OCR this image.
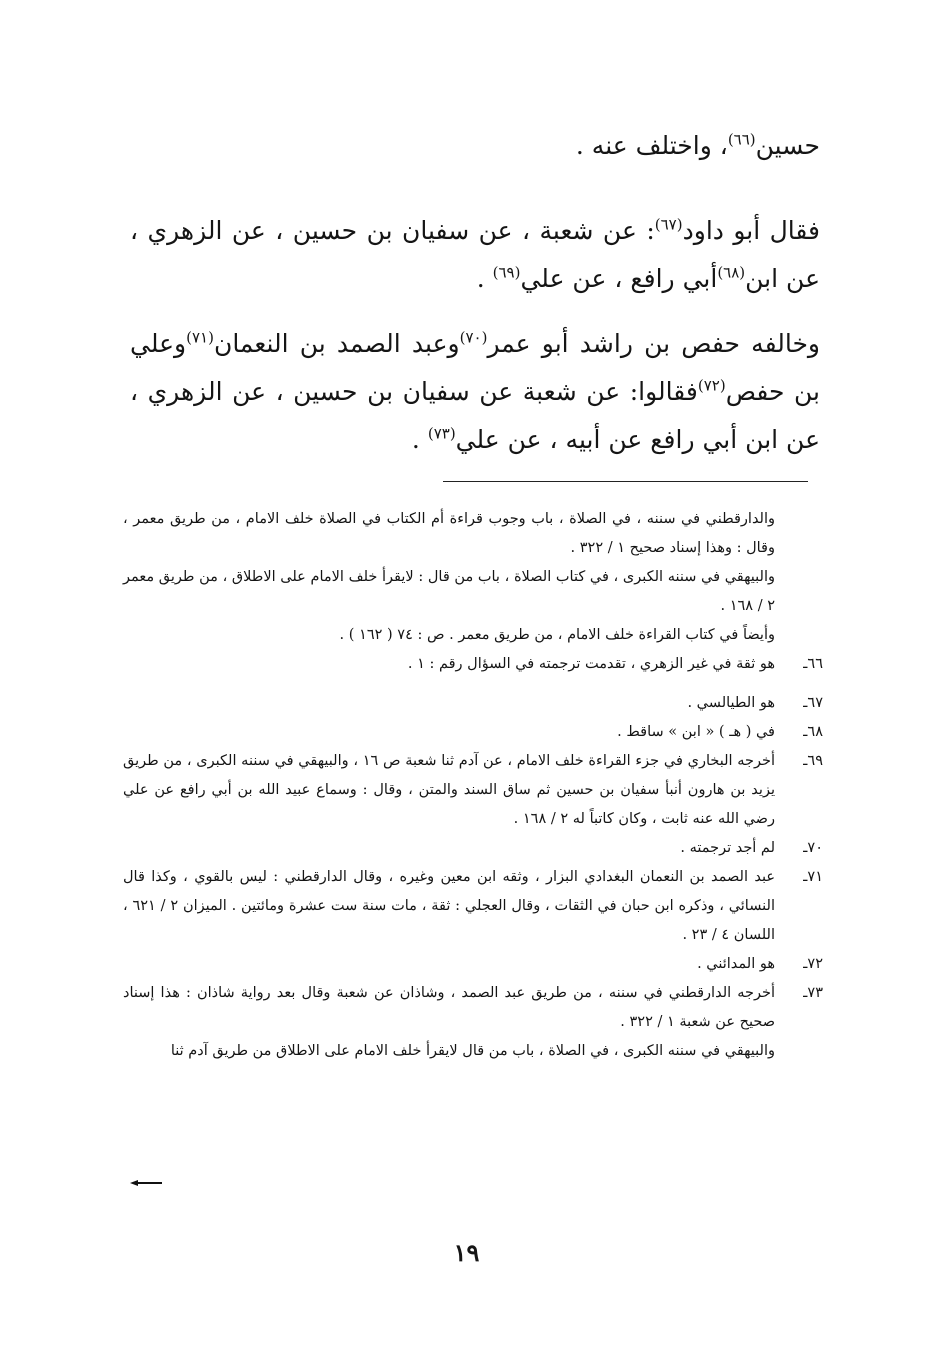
حسين$^{(٦٦)}$، واختلف عنه .

فقال أبو داود$^{(٦٧)}$: عن شعبة ، عن سفيان بن حسين ، عن الزهري ، عن ابن$^{(٦٨)}$أبي رافع ، عن علي$^{(٦٩)}$ .

وخالفه حفص بن راشد أبو عمر$^{(٧٠)}$وعبد الصمد بن النعمان$^{(٧١)}$وعلي بن حفص$^{(٧٢)}$فقالوا: عن شعبة عن سفيان بن حسين ، عن الزهري ، عن ابن أبي رافع عن أبيه ، عن علي$^{(٧٣)}$ .

والدارقطني في سننه ، في الصلاة ، باب وجوب قراءة أم الكتاب في الصلاة خلف الامام ، من طريق معمر ، وقال : وهذا إسناد صحيح ١ / ٣٢٢ .

والبيهقي في سننه الكبرى ، في كتاب الصلاة ، باب من قال : لايقرأ خلف الامام على الاطلاق ، من طريق معمر ٢ / ١٦٨ .

وأيضاً في كتاب القراءة خلف الامام ، من طريق معمر . ص : ٧٤ ( ١٦٢ ) .

٦٦ـ
هو ثقة في غير الزهري ، تقدمت ترجمته في السؤال رقم : ١ .

٦٧ـ
هو الطيالسي .

٦٨ـ
في ( هـ ) « ابن » ساقط .

٦٩ـ
أخرجه البخاري في جزء القراءة خلف الامام ، عن آدم ثنا شعبة ص ١٦ ، والبيهقي في سننه الكبرى ، من طريق يزيد بن هارون أنبأ سفيان بن حسين ثم ساق السند والمتن ، وقال : وسماع عبيد الله بن أبي رافع عن علي رضي الله عنه ثابت ، وكان كاتباً له ٢ / ١٦٨ .

٧٠ـ
لم أجد ترجمته .

٧١ـ
عبد الصمد بن النعمان البغدادي البزار ، وثقه ابن معين وغيره ، وقال الدارقطني : ليس بالقوي ، وكذا قال النسائي ، وذكره ابن حبان في الثقات ، وقال العجلي : ثقة ، مات سنة ست عشرة ومائتين . الميزان ٢ / ٦٢١ ، اللسان ٤ / ٢٣ .

٧٢ـ
هو المدائني .

٧٣ـ
أخرجه الدارقطني في سننه ، من طريق عبد الصمد ، وشاذان عن شعبة وقال بعد رواية شاذان : هذا إسناد صحيح عن شعبة ١ / ٣٢٢ .

والبيهقي في سننه الكبرى ، في الصلاة ، باب من قال لايقرأ خلف الامام على الاطلاق من طريق آدم ثنا

١٩
